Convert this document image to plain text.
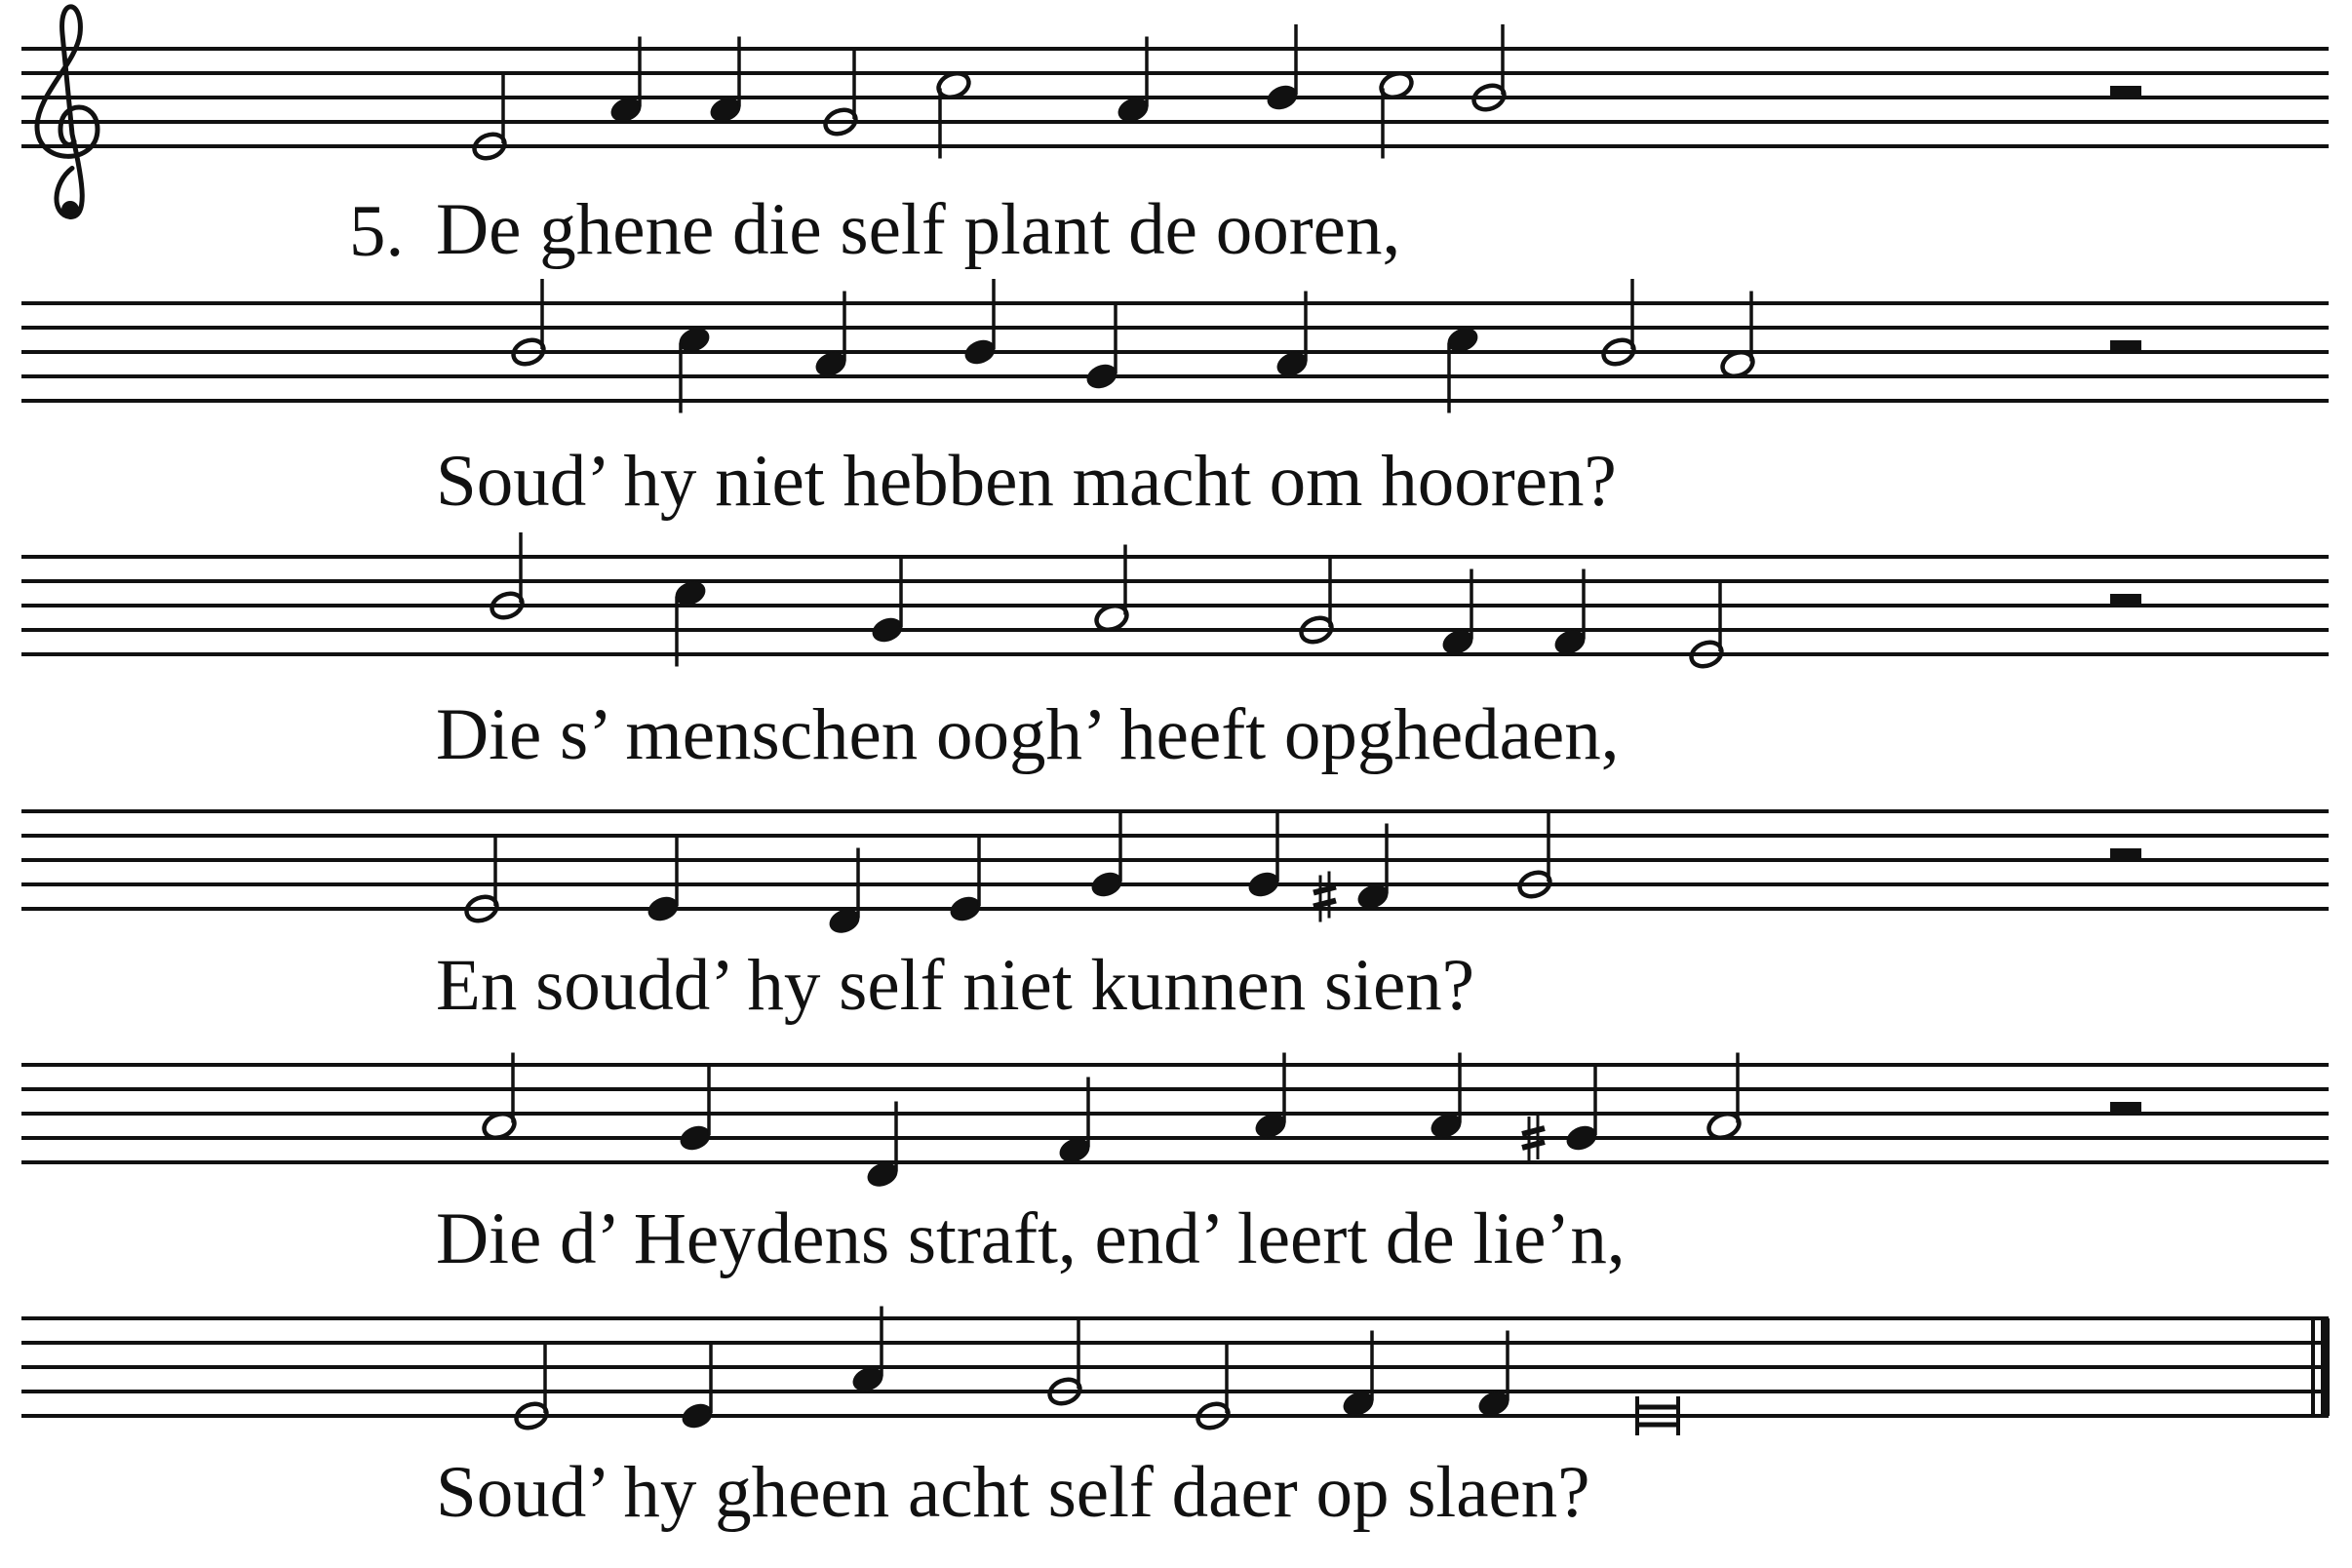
De ghene die self plant de ooren,
Soud’ hy niet hebben macht om hooren?
Die s’ menschen oogh’ heeft opghedaen,
En soudd’ hy self niet kunnen sien?
Die d’ Heydens straft, end’ leert de lie’n,
Soud’ hy gheen acht self daer op slaen?
5.
